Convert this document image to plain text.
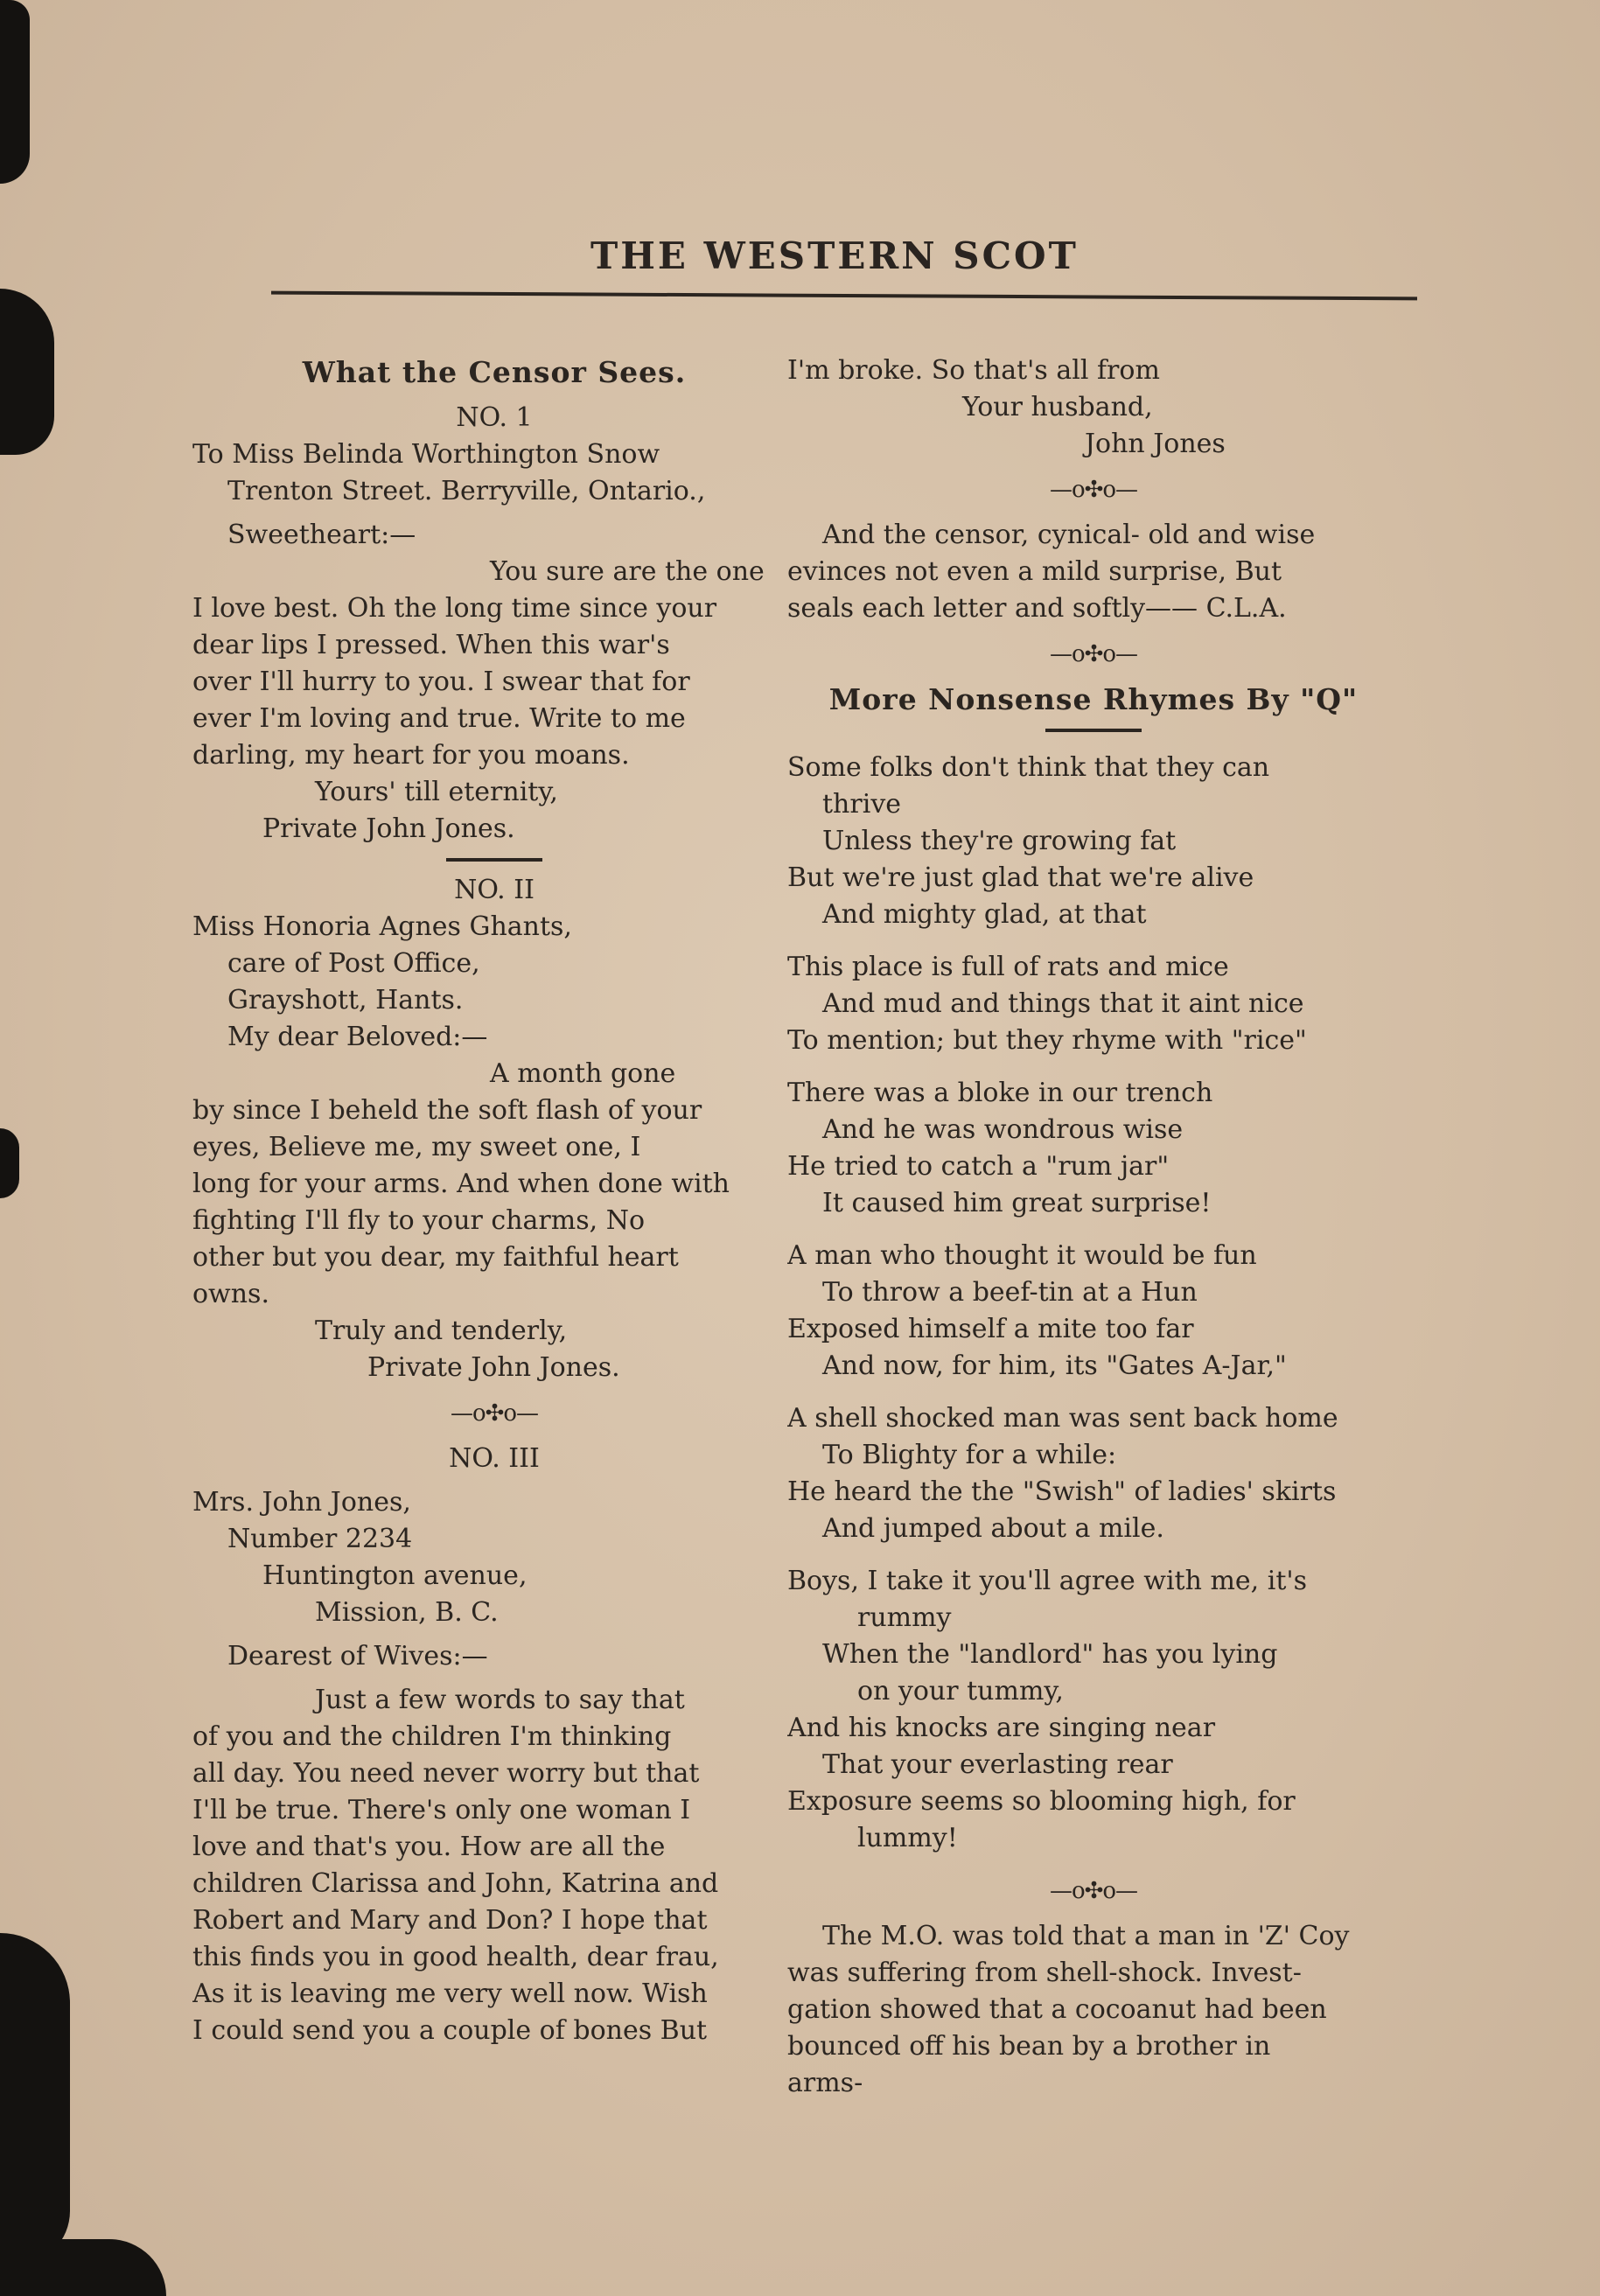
THE WESTERN SCOT
What the Censor Sees.
NO. 1
To Miss Belinda Worthington Snow
Trenton Street. Berryville, Ontario.,
Sweetheart:—
You sure are the one
I love best. Oh the long time since your
dear lips I pressed. When this war's
over I'll hurry to you. I swear that for
ever I'm loving and true. Write to me
darling, my heart for you moans.
Yours' till eternity,
Private John Jones.
NO. II
Miss Honoria Agnes Ghants,
care of Post Office,
Grayshott, Hants.
My dear Beloved:—
A month gone
by since I beheld the soft flash of your
eyes, Believe me, my sweet one, I
long for your arms. And when done with
fighting I'll fly to your charms, No
other but you dear, my faithful heart
owns.
Truly and tenderly,
Private John Jones.
—o✣o—
NO. III
Mrs. John Jones,
Number 2234
Huntington avenue,
Mission, B. C.
Dearest of Wives:—
Just a few words to say that
of you and the children I'm thinking
all day. You need never worry but that
I'll be true. There's only one woman I
love and that's you. How are all the
children Clarissa and John, Katrina and
Robert and Mary and Don? I hope that
this finds you in good health, dear frau,
As it is leaving me very well now. Wish
I could send you a couple of bones But
I'm broke. So that's all from
Your husband,
John Jones
—o✣o—
And the censor, cynical- old and wise
evinces not even a mild surprise, But
seals each letter and softly—— C.L.A.
—o✣o—
More Nonsense Rhymes By "Q"
Some folks don't think that they can
thrive
Unless they're growing fat
But we're just glad that we're alive
And mighty glad, at that
This place is full of rats and mice
And mud and things that it aint nice
To mention; but they rhyme with "rice"
There was a bloke in our trench
And he was wondrous wise
He tried to catch a "rum jar"
It caused him great surprise!
A man who thought it would be fun
To throw a beef-tin at a Hun
Exposed himself a mite too far
And now, for him, its "Gates A-Jar,"
A shell shocked man was sent back home
To Blighty for a while:
He heard the the "Swish" of ladies' skirts
And jumped about a mile.
Boys, I take it you'll agree with me, it's
rummy
When the "landlord" has you lying
on your tummy,
And his knocks are singing near
That your everlasting rear
Exposure seems so blooming high, for
lummy!
—o✣o—
The M.O. was told that a man in 'Z' Coy
was suffering from shell-shock. Invest-
gation showed that a cocoanut had been
bounced off his bean by a brother in
arms-
